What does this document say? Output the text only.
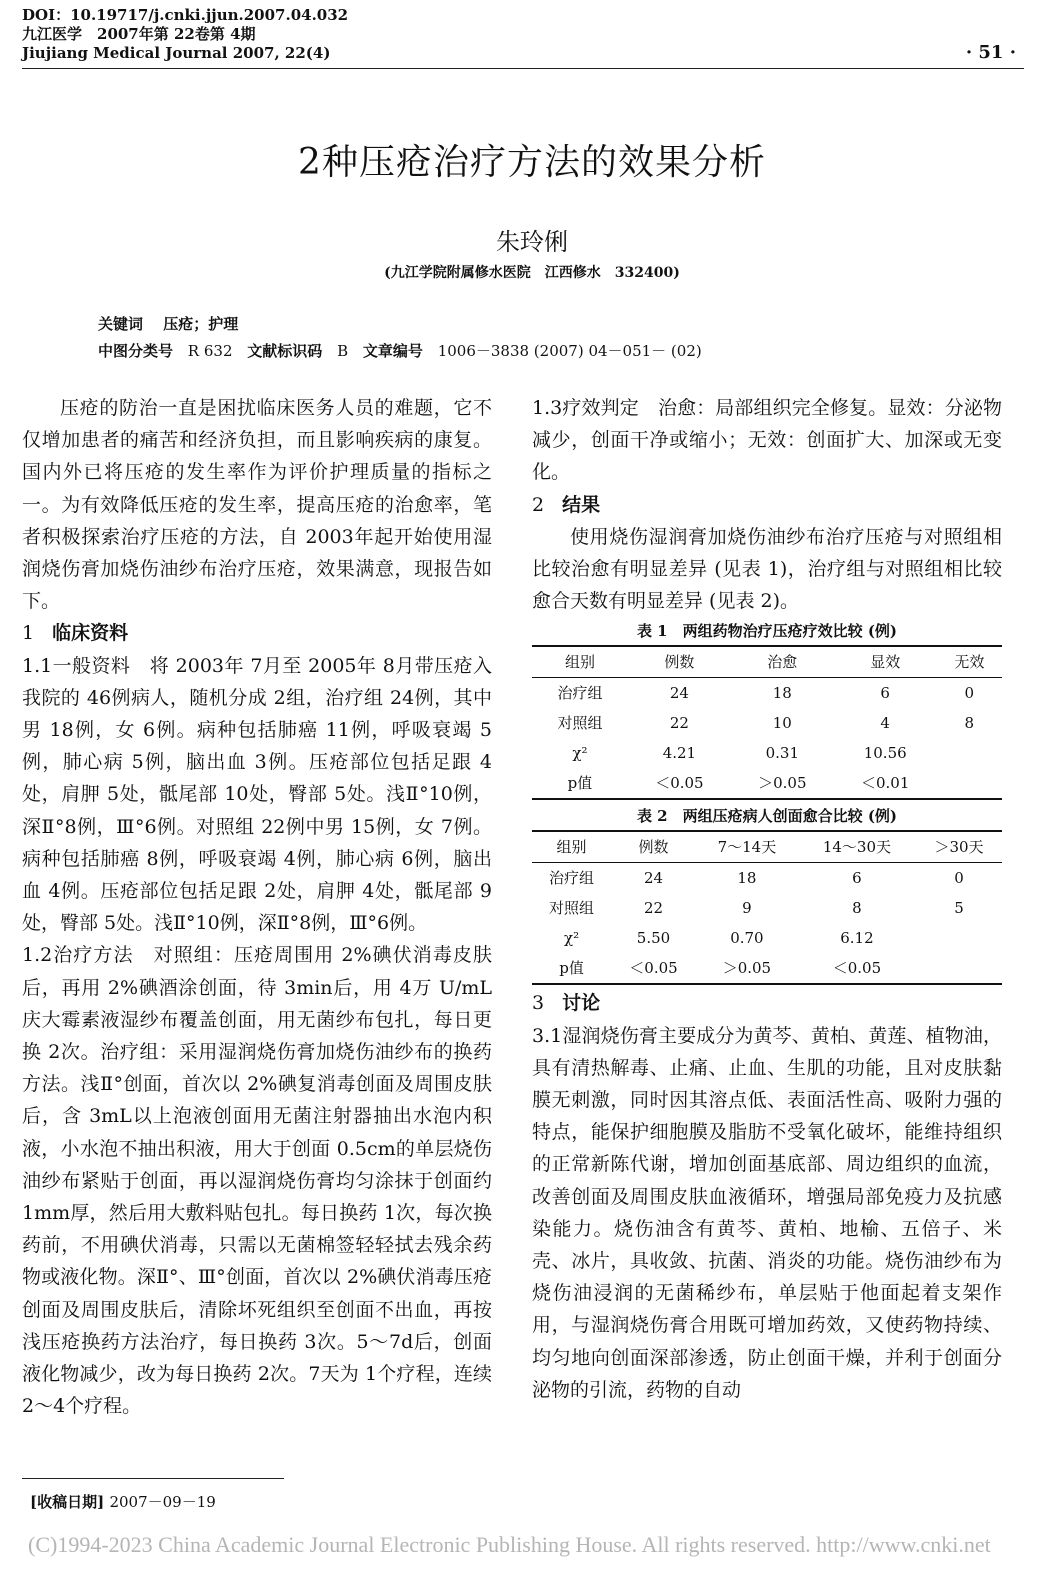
DOI：10.19717/j.cnki.jjun.2007.04.032
九江医学　2007年第 22卷第 4期
Jiujiang Medical Journal 2007, 22(4)	· 51 ·
2种压疮治疗方法的效果分析
朱玲俐
(九江学院附属修水医院　江西修水　332400)
关键词　 压疮；护理
中图分类号 R 632 文献标识码 B 文章编号 1006－3838 (2007) 04－051－ (02)

压疮的防治一直是困扰临床医务人员的难题，它不仅增加患者的痛苦和经济负担，而且影响疾病的康复。国内外已将压疮的发生率作为评价护理质量的指标之一。为有效降低压疮的发生率，提高压疮的治愈率，笔者积极探索治疗压疮的方法，自 2003年起开始使用湿润烧伤膏加烧伤油纱布治疗压疮，效果满意，现报告如下。

1 临床资料

1.1一般资料　 将 2003年 7月至 2005年 8月带压疮入我院的 46例病人，随机分成 2组，治疗组 24例，其中男 18例，女 6例。病种包括肺癌 11例，呼吸衰竭 5例，肺心病 5例，脑出血 3例。压疮部位包括足跟 4处，肩胛 5处，骶尾部 10处，臀部 5处。浅Ⅱ°10例，深Ⅱ°8例，Ⅲ°6例。对照组 22例中男 15例，女 7例。病种包括肺癌 8例，呼吸衰竭 4例，肺心病 6例，脑出血 4例。压疮部位包括足跟 2处，肩胛 4处，骶尾部 9处，臀部 5处。浅Ⅱ°10例，深Ⅱ°8例，Ⅲ°6例。

1.2治疗方法　 对照组：压疮周围用 2%碘伏消毒皮肤后，再用 2%碘酒涂创面，待 3min后，用 4万 U/mL庆大霉素液湿纱布覆盖创面，用无菌纱布包扎，每日更换 2次。治疗组：采用湿润烧伤膏加烧伤油纱布的换药方法。浅Ⅱ°创面，首次以 2%碘复消毒创面及周围皮肤后，含 3mL以上泡液创面用无菌注射器抽出水泡内积液，小水泡不抽出积液，用大于创面 0.5cm的单层烧伤油纱布紧贴于创面，再以湿润烧伤膏均匀涂抹于创面约 1mm厚，然后用大敷料贴包扎。每日换药 1次，每次换药前，不用碘伏消毒，只需以无菌棉签轻轻拭去残余药物或液化物。深Ⅱ°、Ⅲ°创面，首次以 2%碘伏消毒压疮创面及周围皮肤后，清除坏死组织至创面不出血，再按浅压疮换药方法治疗，每日换药 3次。5～7d后，创面液化物减少，改为每日换药 2次。7天为 1个疗程，连续 2～4个疗程。

1.3疗效判定　 治愈：局部组织完全修复。显效：分泌物减少，创面干净或缩小；无效：创面扩大、加深或无变化。

2 结果

使用烧伤湿润膏加烧伤油纱布治疗压疮与对照组相比较治愈有明显差异 (见表 1)，治疗组与对照组相比较愈合天数有明显差异 (见表 2)。

表 1　两组药物治疗压疮疗效比较 (例)
组别	例数	治愈	显效	无效
治疗组	24	18	6	0
对照组	22	10	4	8
χ²	4.21	0.31	10.56	
p值	＜0.05	＞0.05	＜0.01	
表 2　两组压疮病人创面愈合比较 (例)
组别	例数	7～14天	14～30天	＞30天
治疗组	24	18	6	0
对照组	22	9	8	5
χ²	5.50	0.70	6.12	
p值	＜0.05	＞0.05	＜0.05	
3 讨论

3.1湿润烧伤膏主要成分为黄芩、黄柏、黄莲、植物油，具有清热解毒、止痛、止血、生肌的功能，且对皮肤黏膜无刺激，同时因其溶点低、表面活性高、吸附力强的特点，能保护细胞膜及脂肪不受氧化破坏，能维持组织的正常新陈代谢，增加创面基底部、周边组织的血流，改善创面及周围皮肤血液循环，增强局部免疫力及抗感染能力。烧伤油含有黄芩、黄柏、地榆、五倍子、米壳、冰片，具收敛、抗菌、消炎的功能。烧伤油纱布为烧伤油浸润的无菌稀纱布，单层贴于他面起着支架作用，与湿润烧伤膏合用既可增加药效，又使药物持续、均匀地向创面深部渗透，防止创面干燥，并利于创面分泌物的引流，药物的自动

[收稿日期] 2007－09－19
(C)1994-2023 China Academic Journal Electronic Publishing House. All rights reserved. http://www.cnki.net
